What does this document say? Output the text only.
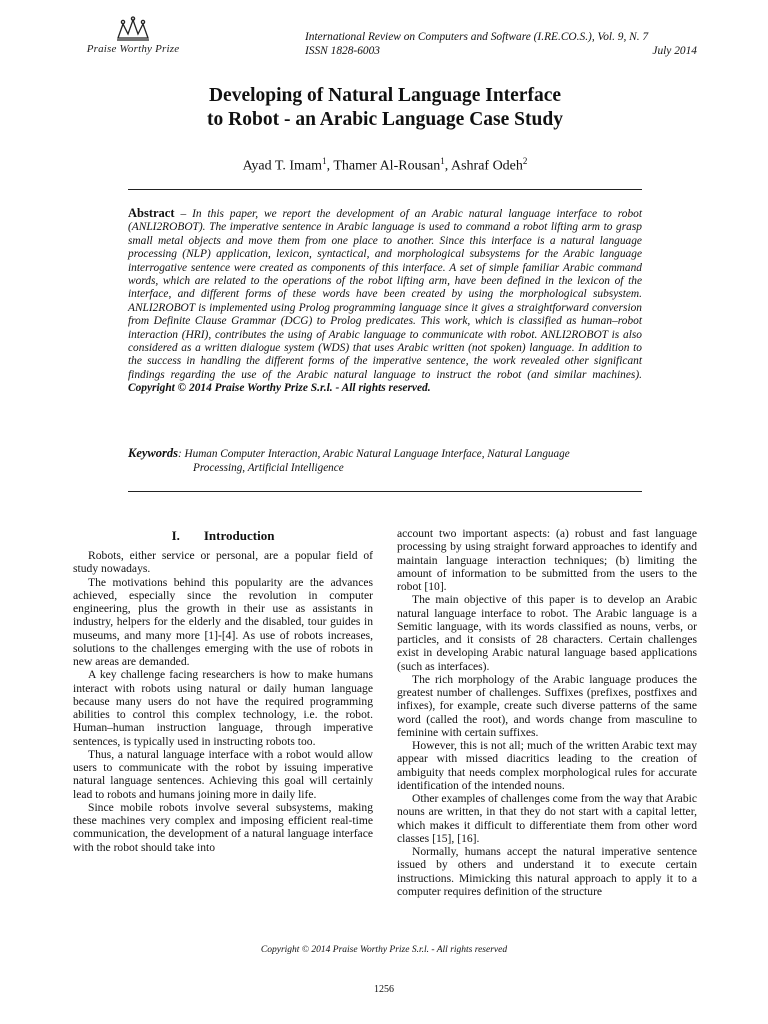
Praise Worthy Prize
International Review on Computers and Software (I.RE.CO.S.), Vol. 9, N. 7
ISSN 1828-6003	July 2014
Developing of Natural Language Interface
to Robot - an Arabic Language Case Study
Ayad T. Imam$^1$, Thamer Al-Rousan$^1$, Ashraf Odeh$^2$
Abstract – In this paper, we report the development of an Arabic natural language interface to robot (ANLI2ROBOT). The imperative sentence in Arabic language is used to command a robot lifting arm to grasp small metal objects and move them from one place to another. Since this interface is a natural language processing (NLP) application, lexicon, syntactical, and morphological subsystems for the Arabic language interrogative sentence were created as components of this interface. A set of simple familiar Arabic command words, which are related to the operations of the robot lifting arm, have been defined in the lexicon of the interface, and different forms of these words have been created by using the morphological subsystem. ANLI2ROBOT is implemented using Prolog programming language since it gives a straightforward conversion from Definite Clause Grammar (DCG) to Prolog predicates. This work, which is classified as human–robot interaction (HRI), contributes the using of Arabic language to communicate with robot. ANLI2ROBOT is also considered as a written dialogue system (WDS) that uses Arabic written (not spoken) language. In addition to the success in handling the different forms of the imperative sentence, the work revealed other significant findings regarding the use of the Arabic natural language to instruct the robot (and similar machines). Copyright © 2014 Praise Worthy Prize S.r.l. - All rights reserved.
Keywords: Human Computer Interaction, Arabic Natural Language Interface, Natural Language
Processing, Artificial Intelligence
I. Introduction

Robots, either service or personal, are a popular field of study nowadays.

The motivations behind this popularity are the advances achieved, especially since the revolution in computer engineering, plus the growth in their use as assistants in industry, helpers for the elderly and the disabled, tour guides in museums, and many more [1]-[4]. As use of robots increases, solutions to the challenges emerging with the use of robots in new areas are demanded.

A key challenge facing researchers is how to make humans interact with robots using natural or daily human language because many users do not have the required programming abilities to control this complex technology, i.e. the robot. Human–human instruction language, through imperative sentences, is typically used in instructing robots too.

Thus, a natural language interface with a robot would allow users to communicate with the robot by issuing imperative natural language sentences. Achieving this goal will certainly lead to robots and humans joining more in daily life.

Since mobile robots involve several subsystems, making these machines very complex and imposing efficient real-time communication, the development of a natural language interface with the robot should take into

account two important aspects: (a) robust and fast language processing by using straight forward approaches to identify and maintain language interaction techniques; (b) limiting the amount of information to be submitted from the users to the robot [10].

The main objective of this paper is to develop an Arabic natural language interface to robot. The Arabic language is a Semitic language, with its words classified as nouns, verbs, or particles, and it consists of 28 characters. Certain challenges exist in developing Arabic natural language based applications (such as interfaces).

The rich morphology of the Arabic language produces the greatest number of challenges. Suffixes (prefixes, postfixes and infixes), for example, create such diverse patterns of the same word (called the root), and words change from masculine to feminine with certain suffixes.

However, this is not all; much of the written Arabic text may appear with missed diacritics leading to the creation of ambiguity that needs complex morphological rules for accurate identification of the intended nouns.

Other examples of challenges come from the way that Arabic nouns are written, in that they do not start with a capital letter, which makes it difficult to differentiate them from other word classes [15], [16].

Normally, humans accept the natural imperative sentence issued by others and understand it to execute certain instructions. Mimicking this natural approach to apply it to a computer requires definition of the structure

Copyright © 2014 Praise Worthy Prize S.r.l. - All rights reserved
1256
